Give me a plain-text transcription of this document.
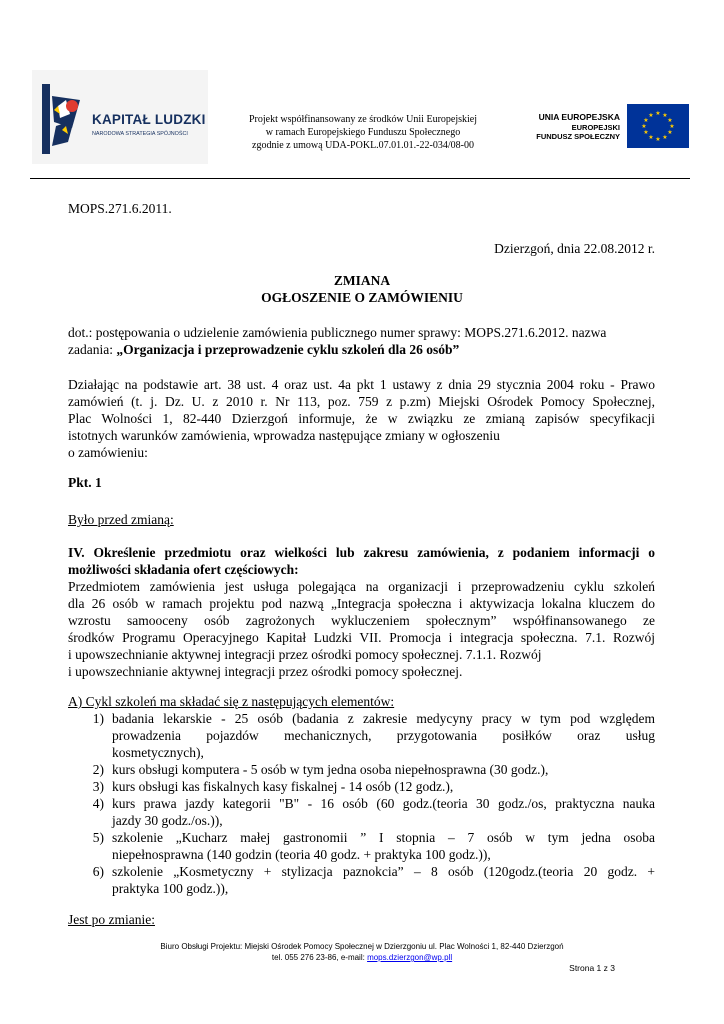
KAPITAŁ LUDZKI
NARODOWA STRATEGIA SPÓJNOŚCI
Projekt współfinansowany ze środków Unii Europejskiej
w ramach Europejskiego Funduszu Społecznego
zgodnie z umową UDA-POKL.07.01.01.-22-034/08-00
UNIA EUROPEJSKA
EUROPEJSKI
FUNDUSZ SPOŁECZNY
★ ★
★
★
★
★
★
★
★
★
★
★
MOPS.271.6.2011.
Dzierzgoń, dnia 22.08.2012 r.
ZMIANA
OGŁOSZENIE O ZAMÓWIENIU
dot.: postępowania o udzielenie zamówienia publicznego numer sprawy: MOPS.271.6.2012. nazwa
zadania: „Organizacja i przeprowadzenie cyklu szkoleń dla 26 osób”
Działając na podstawie art. 38 ust. 4 oraz ust. 4a pkt 1 ustawy z dnia 29 stycznia 2004 roku - Prawo
zamówień (t. j. Dz. U. z 2010 r. Nr 113, poz. 759 z p.zm) Miejski Ośrodek Pomocy Społecznej,
Plac Wolności 1, 82-440 Dzierzgoń informuje, że w związku ze zmianą zapisów specyfikacji
istotnych warunków zamówienia, wprowadza następujące zmiany w ogłoszeniu
o zamówieniu:
Pkt. 1
Było przed zmianą:
IV. Określenie przedmiotu oraz wielkości lub zakresu zamówienia, z podaniem informacji o
możliwości składania ofert częściowych:
Przedmiotem zamówienia jest usługa polegająca na organizacji i przeprowadzeniu cyklu szkoleń
dla 26 osób w ramach projektu pod nazwą „Integracja społeczna i aktywizacja lokalna kluczem do
wzrostu samooceny osób zagrożonych wykluczeniem społecznym” współfinansowanego ze
środków Programu Operacyjnego Kapitał Ludzki VII. Promocja i integracja społeczna. 7.1. Rozwój
i upowszechnianie aktywnej integracji przez ośrodki pomocy społecznej. 7.1.1. Rozwój
i upowszechnianie aktywnej integracji przez ośrodki pomocy społecznej.
A) Cykl szkoleń ma składać się z następujących elementów:
1) badania lekarskie - 25 osób (badania z zakresie medycyny pracy w tym pod względem
prowadzenia pojazdów mechanicznych, przygotowania posiłków oraz usług
kosmetycznych),
2) kurs obsługi komputera - 5 osób w tym jedna osoba niepełnosprawna (30 godz.),
3) kurs obsługi kas fiskalnych kasy fiskalnej - 14 osób (12 godz.),
4) kurs prawa jazdy kategorii "B" - 16 osób (60 godz.(teoria 30 godz./os, praktyczna nauka
jazdy 30 godz./os.)),
5) szkolenie „Kucharz małej gastronomii ” I stopnia – 7 osób w tym jedna osoba
niepełnosprawna (140 godzin (teoria 40 godz. + praktyka 100 godz.)),
6) szkolenie „Kosmetyczny + stylizacja paznokcia” – 8 osób (120godz.(teoria 20 godz. +
praktyka 100 godz.)),
Jest po zmianie:
Biuro Obsługi Projektu: Miejski Ośrodek Pomocy Społecznej w Dzierzgoniu ul. Plac Wolności 1, 82-440 Dzierzgoń
tel. 055 276 23-86, e-mail: mops.dzierzgon@wp.pll
Strona 1 z 3
